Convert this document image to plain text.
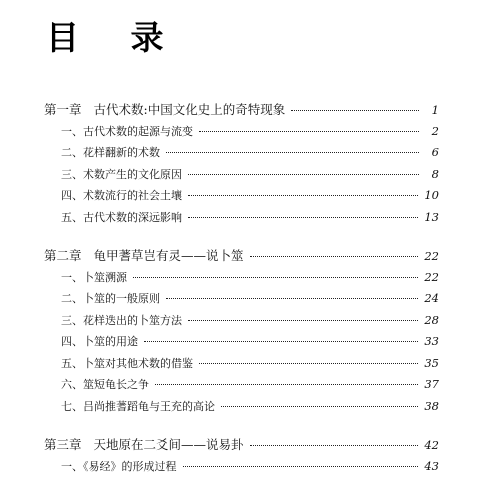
目 录
第一章 古代术数:中国文化史上的奇特现象	1
一、古代术数的起源与流变	2
二、花样翻新的术数	6
三、术数产生的文化原因	8
四、术数流行的社会土壤	10
五、古代术数的深远影响	13
第二章 龟甲蓍草岂有灵——说卜筮	22
一、卜筮溯源	22
二、卜筮的一般原则	24
三、花样迭出的卜筮方法	28
四、卜筮的用途	33
五、卜筮对其他术数的借鉴	35
六、筮短龟长之争	37
七、吕尚推蓍蹈龟与王充的高论	38
第三章 天地原在二爻间——说易卦	42
一、《易经》的形成过程	43
